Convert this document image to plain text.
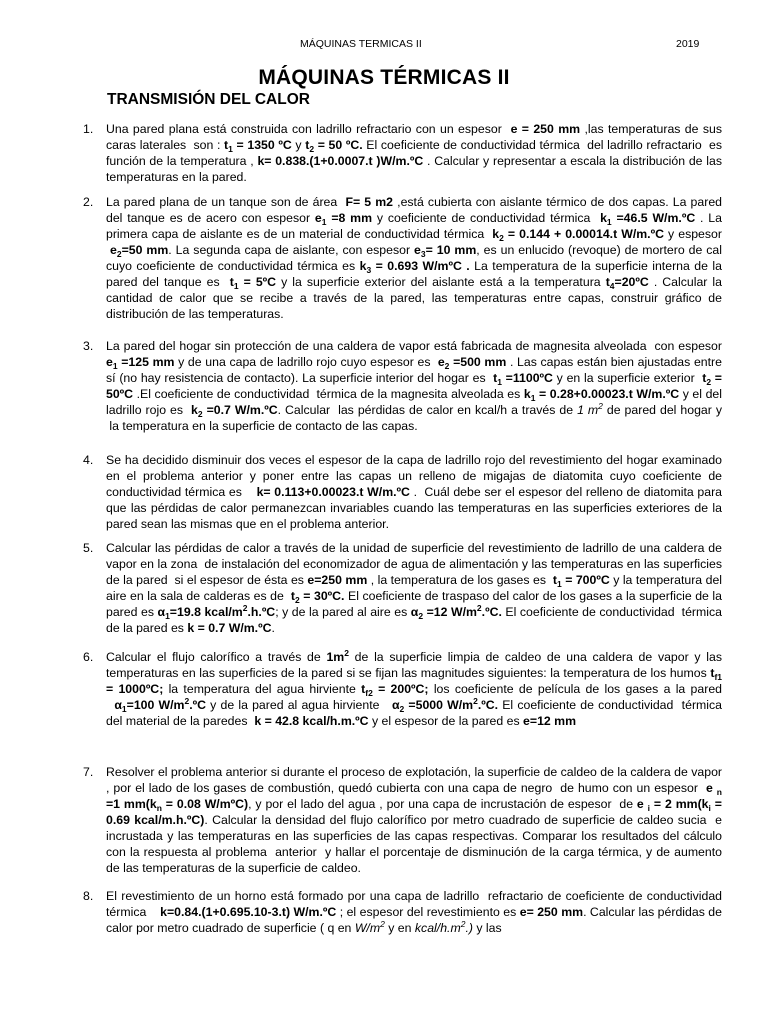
MÁQUINAS TERMICAS II	2019
MÁQUINAS TÉRMICAS II
TRANSMISIÓN DEL CALOR
1. Una pared plana está construida con ladrillo refractario con un espesor  e = 250 mm ,las temperaturas de sus caras laterales  son : $t_1 = 1350$ ºC y $t_2 = 50$ ºC. El coeficiente de conductividad térmica  del ladrillo refractario  es función de la temperatura , k= 0.838.(1+0.0007.t )W/m.ºC . Calcular y representar a escala la distribución de las temperaturas en la pared.
2. La pared plana de un tanque son de área  F= 5 m2 ,está cubierta con aislante térmico de dos capas. La pared del tanque es de acero con espesor $e_1 =8$ mm y coeficiente de conductividad térmica  $k_1 =46.5$ W/m.ºC . La primera capa de aislante es de un material de conductividad térmica  $k_2 = 0.144 + 0.00014.t$ W/m.ºC y espesor  $e_2=50$ mm. La segunda capa de aislante, con espesor $e_3= 10$ mm, es un enlucido (revoque) de mortero de cal cuyo coeficiente de conductividad térmica es $k_3 = 0.693$ W/mºC . La temperatura de la superficie interna de la pared del tanque es  $t_1$ = 5ºC y la superficie exterior del aislante está a la temperatura $t_4=20ºC$ . Calcular la cantidad de calor que se recibe a través de la pared, las temperaturas entre capas, construir gráfico de distribución de las temperaturas.
3. La pared del hogar sin protección de una caldera de vapor está fabricada de magnesita alveolada  con espesor $e_1 =125$ mm y de una capa de ladrillo rojo cuyo espesor es  $e_2 =500$ mm . Las capas están bien ajustadas entre sí (no hay resistencia de contacto). La superficie interior del hogar es  $t_1$ =1100ºC y en la superficie exterior  $t_2$ = 50ºC .El coeficiente de conductividad  térmica de la magnesita alveolada es $k_1 = 0.28+0.00023.t$ W/m.ºC y el del ladrillo rojo es  $k_2 =0.7$ W/m.ºC. Calcular  las pérdidas de calor en kcal/h a través de 1 $m^2$ de pared del hogar y  la temperatura en la superficie de contacto de las capas.
4. Se ha decidido disminuir dos veces el espesor de la capa de ladrillo rojo del revestimiento del hogar examinado en el problema anterior y poner entre las capas un relleno de migajas de diatomita cuyo coeficiente de conductividad térmica es    k= 0.113+0.00023.t W/m.ºC .  Cuál debe ser el espesor del relleno de diatomita para que las pérdidas de calor permanezcan invariables cuando las temperaturas en las superficies exteriores de la pared sean las mismas que en el problema anterior.
5. Calcular las pérdidas de calor a través de la unidad de superficie del revestimiento de ladrillo de una caldera de vapor en la zona  de instalación del economizador de agua de alimentación y las temperaturas en las superficies de la pared  si el espesor de ésta es e=250 mm , la temperatura de los gases es  $t_1$ = 700ºC y la temperatura del aire en la sala de calderas es de  $t_2$ = 30ºC. El coeficiente de traspaso del calor de los gases a la superficie de la pared es $\alpha_1=19.8$ kcal/$m^2.h.ºC$; y de la pared al aire es $\alpha_2 =12$ $W/m^2.ºC$. El coeficiente de conductividad  térmica de la pared es k = 0.7 W/m.ºC.
6. Calcular el flujo calorífico a través de $1m^2$ de la superficie limpia de caldeo de una caldera de vapor y las temperaturas en las superficies de la pared si se fijan las magnitudes siguientes: la temperatura de los humos $t_{f1}$ = 1000ºC; la temperatura del agua hirviente $t_{f2}$ = 200ºC; los coeficiente de película de los gases a la pared   $\alpha_1=100$ $W/m^2.ºC$ y de la pared al agua hirviente   $\alpha_2 =5000$ $W/m^2.ºC$. El coeficiente de conductividad  térmica del material de la paredes  k = 42.8 kcal/h.m.ºC y el espesor de la pared es e=12 mm
7. Resolver el problema anterior si durante el proceso de explotación, la superficie de caldeo de la caldera de vapor , por el lado de los gases de combustión, quedó cubierta con una capa de negro  de humo con un espesor  e $_n$ =1 $mm(k_n = 0.08$ W/mºC), y por el lado del agua , por una capa de incrustación de espesor  de e $_i$ = 2 $mm(k_i = 0.69$ kcal/m.h.ºC). Calcular la densidad del flujo calorífico por metro cuadrado de superficie de caldeo sucia  e incrustada y las temperaturas en las superficies de las capas respectivas. Comparar los resultados del cálculo con la respuesta al problema  anterior  y hallar el porcentaje de disminución de la carga térmica, y de aumento de las temperaturas de la superficie de caldeo.
8. El revestimiento de un horno está formado por una capa de ladrillo  refractario de coeficiente de conductividad térmica    k=0.84.(1+0.695.10-3.t) W/m.ºC ; el espesor del revestimiento es e= 250 mm. Calcular las pérdidas de calor por metro cuadrado de superficie ( q en $W/m^2$ y en kcal/$h.m^2$.) y las
